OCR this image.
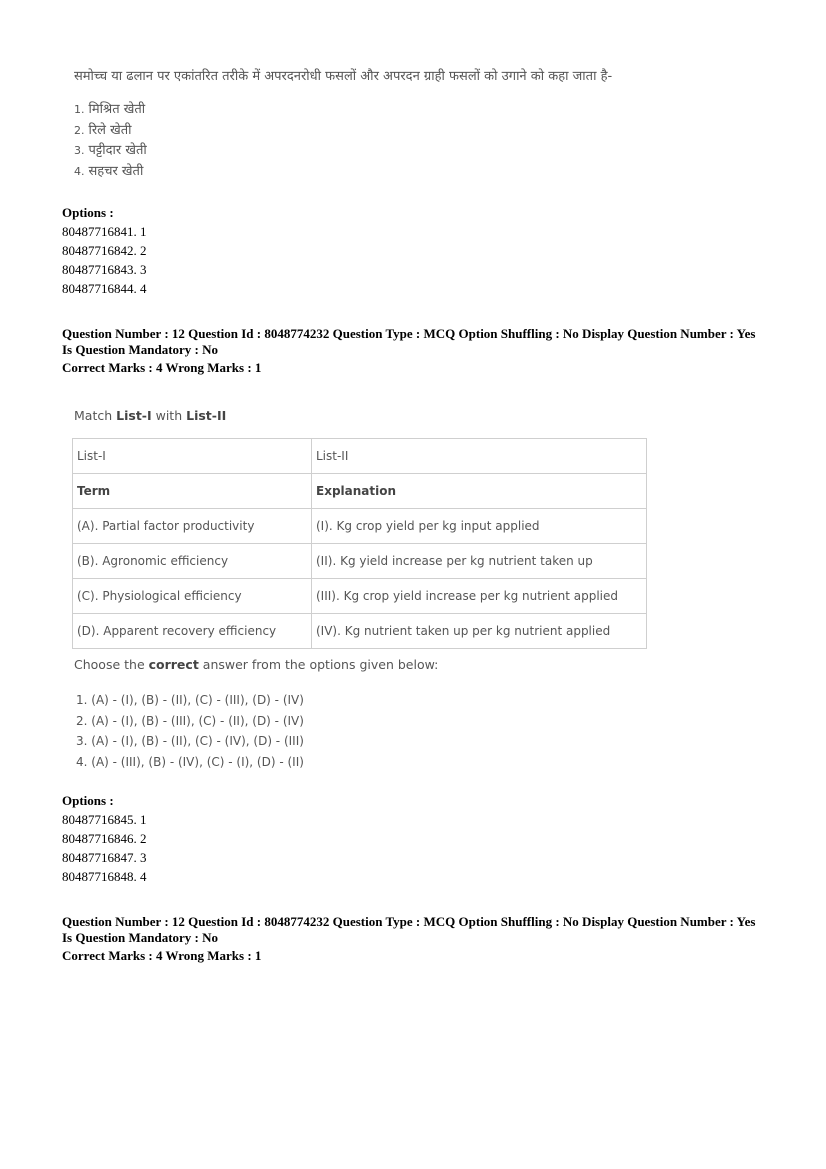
समोच्च या ढलान पर एकांतरित तरीके में अपरदनरोधी फसलों और अपरदन ग्राही फसलों को उगाने को कहा जाता है-
1. मिश्रित खेती
2. रिले खेती
3. पट्टीदार खेती
4. सहचर खेती
Options :
80487716841. 1
80487716842. 2
80487716843. 3
80487716844. 4
Question Number : 12 Question Id : 8048774232 Question Type : MCQ Option Shuffling : No Display Question Number : Yes
Is Question Mandatory : No
Correct Marks : 4 Wrong Marks : 1
Match List-I with List-II
List-I	List-II
Term	Explanation
(A). Partial factor productivity	(I). Kg crop yield per kg input applied
(B). Agronomic efficiency	(II). Kg yield increase per kg nutrient taken up
(C). Physiological efficiency	(III). Kg crop yield increase per kg nutrient applied
(D). Apparent recovery efficiency	(IV). Kg nutrient taken up per kg nutrient applied
Choose the correct answer from the options given below:
1. (A) - (I), (B) - (II), (C) - (III), (D) - (IV)
2. (A) - (I), (B) - (III), (C) - (II), (D) - (IV)
3. (A) - (I), (B) - (II), (C) - (IV), (D) - (III)
4. (A) - (III), (B) - (IV), (C) - (I), (D) - (II)
Options :
80487716845. 1
80487716846. 2
80487716847. 3
80487716848. 4
Question Number : 12 Question Id : 8048774232 Question Type : MCQ Option Shuffling : No Display Question Number : Yes
Is Question Mandatory : No
Correct Marks : 4 Wrong Marks : 1
